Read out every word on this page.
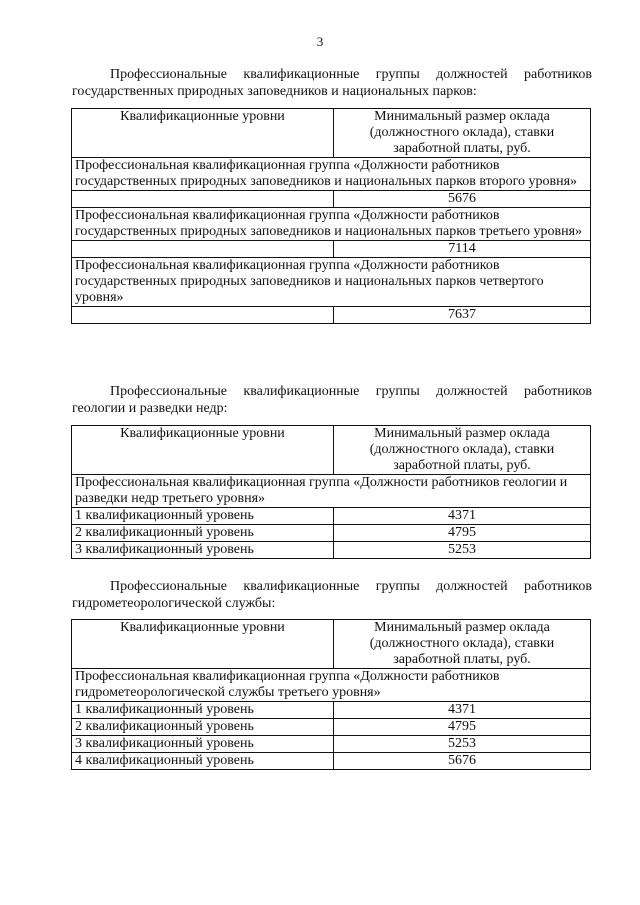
3
Профессиональные квалификационные группы должностей работников государственных природных заповедников и национальных парков:
Квалификационные уровни	Минимальный размер оклада (должностного оклада), ставки заработной платы, руб.
Профессиональная квалификационная группа «Должности работников государственных природных заповедников и национальных парков второго уровня»	
	5676
Профессиональная квалификационная группа «Должности работников государственных природных заповедников и национальных парков третьего уровня»	
	7114
Профессиональная квалификационная группа «Должности работников государственных природных заповедников и национальных парков четвертого уровня»	
	7637
Профессиональные квалификационные группы должностей работников геологии и разведки недр:
Квалификационные уровни	Минимальный размер оклада (должностного оклада), ставки заработной платы, руб.
Профессиональная квалификационная группа «Должности работников геологии и разведки недр третьего уровня»	
1 квалификационный уровень	4371
2 квалификационный уровень	4795
3 квалификационный уровень	5253
Профессиональные квалификационные группы должностей работников гидрометеорологической службы:
Квалификационные уровни	Минимальный размер оклада (должностного оклада), ставки заработной платы, руб.
Профессиональная квалификационная группа «Должности работников гидрометеорологической службы третьего уровня»	
1 квалификационный уровень	4371
2 квалификационный уровень	4795
3 квалификационный уровень	5253
4 квалификационный уровень	5676
